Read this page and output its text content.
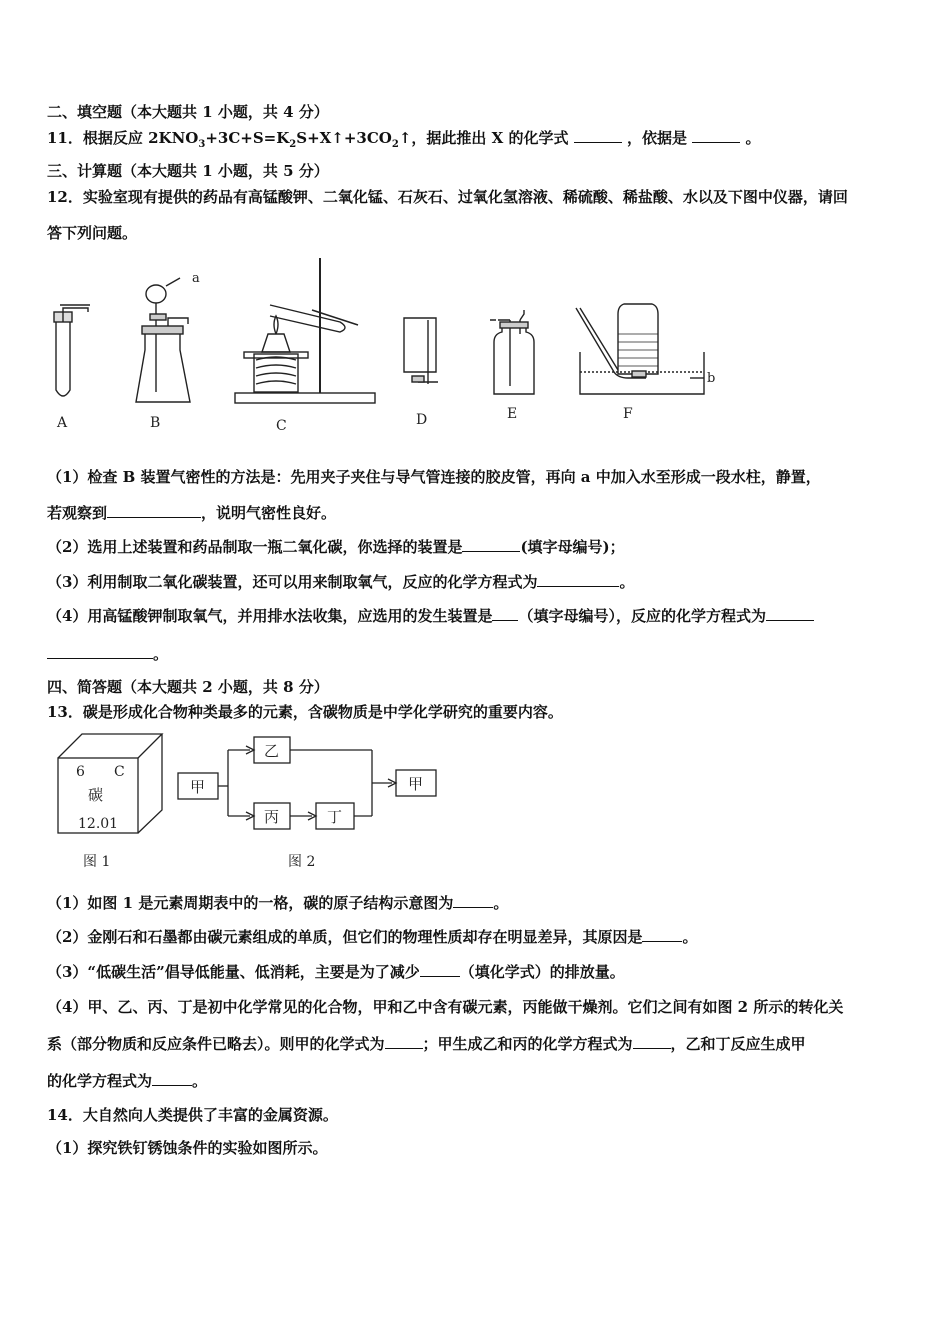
二、填空题（本大题共 1 小题，共 4 分）
11．根据反应 $2KNO_3+3C+S=K_2S+X↑+3CO_2↑$，据此推出 X 的化学式	，依据是	。
三、计算题（本大题共 1 小题，共 5 分）
12．实验室现有提供的药品有高锰酸钾、二氧化锰、石灰石、过氧化氢溶液、稀硫酸、稀盐酸、水以及下图中仪器，请回
答下列问题。
a
b
A	B	C	D	E	F
（1）检查 B 装置气密性的方法是：先用夹子夹住与导气管连接的胶皮管，再向 a 中加入水至形成一段水柱，静置，
若观察到	，说明气密性良好。
（2）选用上述装置和药品制取一瓶二氧化碳，你选择的装置是	(填字母编号)；
（3）利用制取二氧化碳装置，还可以用来制取氧气，反应的化学方程式为	。
（4）用高锰酸钾制取氧气，并用排水法收集，应选用的发生装置是 （填字母编号），反应的化学方程式为
。
四、简答题（本大题共 2 小题，共 8 分）
13．碳是形成化合物种类最多的元素，含碳物质是中学化学研究的重要内容。
6 C
碳
12.01
甲
乙
丙	丁
甲
图 1	图 2
（1）如图 1 是元素周期表中的一格，碳的原子结构示意图为	。
（2）金刚石和石墨都由碳元素组成的单质，但它们的物理性质却存在明显差异，其原因是	。
（3）“低碳生活”倡导低能量、低消耗，主要是为了减少	（填化学式）的排放量。
（4）甲、乙、丙、丁是初中化学常见的化合物，甲和乙中含有碳元素，丙能做干燥剂。它们之间有如图 2 所示的转化关
系（部分物质和反应条件已略去）。则甲的化学式为	；甲生成乙和丙的化学方程式为	，乙和丁反应生成甲
的化学方程式为	。
14．大自然向人类提供了丰富的金属资源。
（1）探究铁钉锈蚀条件的实验如图所示。
